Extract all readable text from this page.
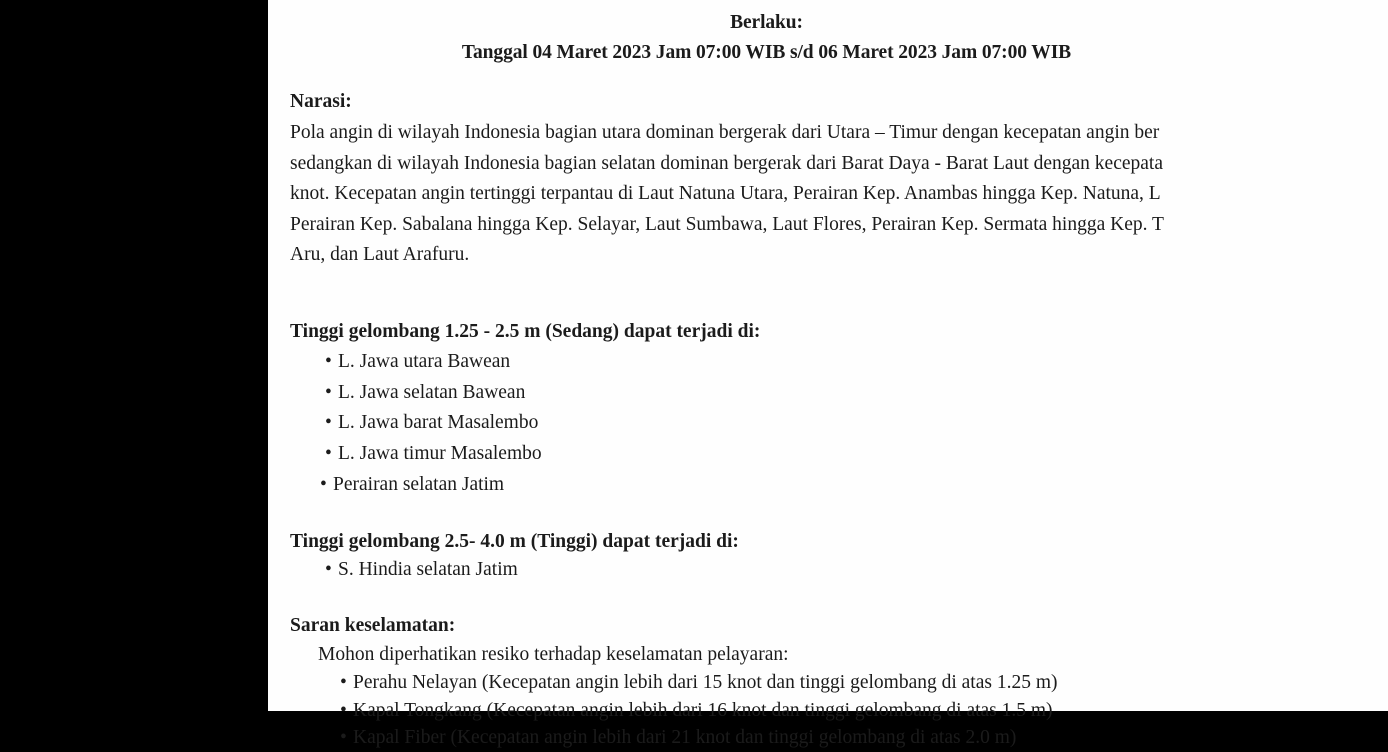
Berlaku:
Tanggal 04 Maret 2023 Jam 07:00 WIB s/d 06 Maret 2023 Jam 07:00 WIB
Narasi:
Pola angin di wilayah Indonesia bagian utara dominan bergerak dari Utara – Timur dengan kecepatan angin ber
sedangkan di wilayah Indonesia bagian selatan dominan bergerak dari Barat Daya - Barat Laut dengan kecepata
knot. Kecepatan angin tertinggi terpantau di Laut Natuna Utara, Perairan Kep. Anambas hingga Kep. Natuna, L
Perairan Kep. Sabalana hingga Kep. Selayar, Laut Sumbawa, Laut Flores, Perairan Kep. Sermata hingga Kep. T
Aru, dan Laut Arafuru.
Tinggi gelombang 1.25 - 2.5 m (Sedang) dapat terjadi di:
• L. Jawa utara Bawean
• L. Jawa selatan Bawean
• L. Jawa barat Masalembo
• L. Jawa timur Masalembo
• Perairan selatan Jatim
Tinggi gelombang 2.5- 4.0 m (Tinggi) dapat terjadi di:
• S. Hindia selatan Jatim
Saran keselamatan:
Mohon diperhatikan resiko terhadap keselamatan pelayaran:
• Perahu Nelayan (Kecepatan angin lebih dari 15 knot dan tinggi gelombang di atas 1.25 m)
• Kapal Tongkang (Kecepatan angin lebih dari 16 knot dan tinggi gelombang di atas 1.5 m)
• Kapal Fiber (Kecepatan angin lebih dari 21 knot dan tinggi gelombang di atas 2.0 m)
